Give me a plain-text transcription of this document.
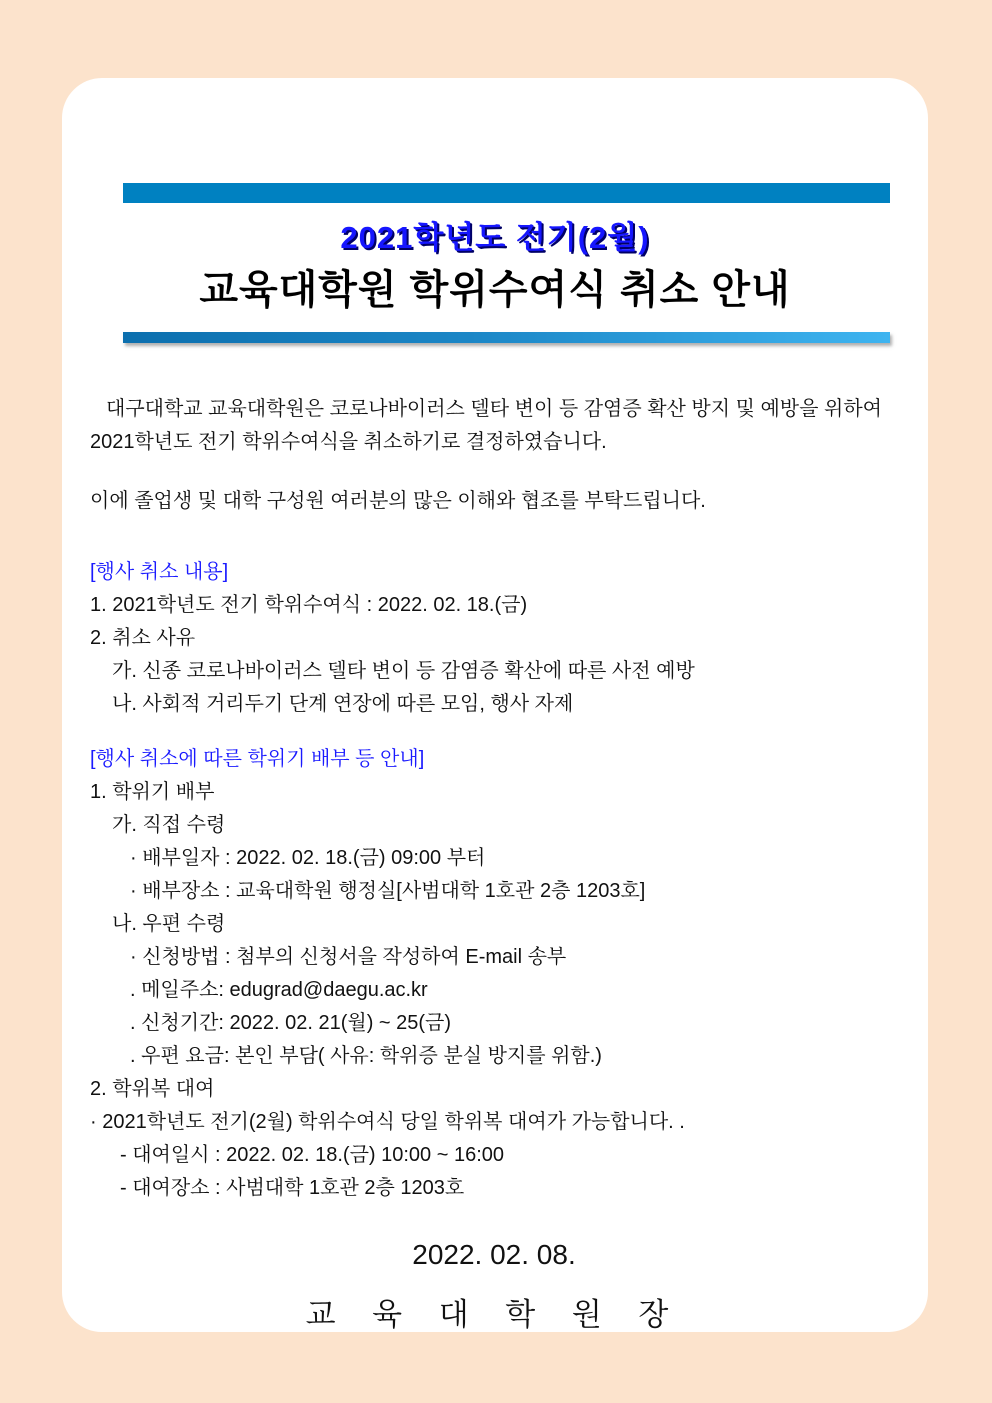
2021학년도 전기(2월)
교육대학원 학위수여식 취소 안내
대구대학교 교육대학원은 코로나바이러스 델타 변이 등 감염증 확산 방지 및 예방을 위하여 2021학년도 전기 학위수여식을 취소하기로 결정하였습니다.
이에 졸업생 및 대학 구성원 여러분의 많은 이해와 협조를 부탁드립니다.
[행사 취소 내용]
1. 2021학년도 전기 학위수여식 : 2022. 02. 18.(금)
2. 취소 사유
가. 신종 코로나바이러스 델타 변이 등 감염증 확산에 따른 사전 예방
나. 사회적 거리두기 단계 연장에 따른 모임, 행사 자제
[행사 취소에 따른 학위기 배부 등 안내]
1. 학위기 배부
가. 직접 수령
· 배부일자 : 2022. 02. 18.(금) 09:00 부터
· 배부장소 : 교육대학원 행정실[사범대학 1호관 2층 1203호]
나. 우편 수령
· 신청방법 : 첨부의 신청서을 작성하여 E-mail 송부
. 메일주소: edugrad@daegu.ac.kr
. 신청기간: 2022. 02. 21(월) ~ 25(금)
. 우편 요금: 본인 부담( 사유: 학위증 분실 방지를 위함.)
2. 학위복 대여
· 2021학년도 전기(2월) 학위수여식 당일 학위복 대여가 가능합니다. .
- 대여일시 : 2022. 02. 18.(금) 10:00 ~ 16:00
- 대여장소 : 사범대학 1호관 2층 1203호
2022. 02. 08.
교 육 대 학 원 장
